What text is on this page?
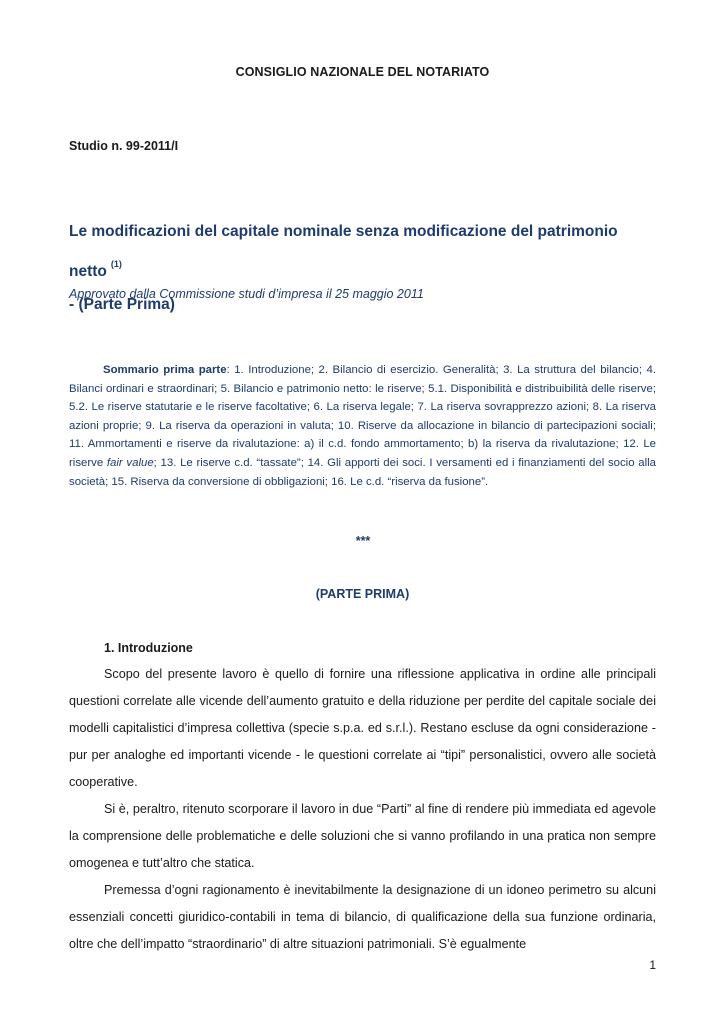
CONSIGLIO NAZIONALE DEL NOTARIATO
Studio n. 99-2011/I
Le modificazioni del capitale nominale senza modificazione del patrimonio netto $^{(1)}$
- (Parte Prima)
Approvato dalla Commissione studi d’impresa il 25 maggio 2011
Sommario prima parte: 1. Introduzione; 2. Bilancio di esercizio. Generalità; 3. La struttura del bilancio; 4. Bilanci ordinari e straordinari; 5. Bilancio e patrimonio netto: le riserve; 5.1. Disponibilità e distribuibilità delle riserve; 5.2. Le riserve statutarie e le riserve facoltative; 6. La riserva legale; 7. La riserva sovrapprezzo azioni; 8. La riserva azioni proprie; 9. La riserva da operazioni in valuta; 10. Riserve da allocazione in bilancio di partecipazioni sociali; 11. Ammortamenti e riserve da rivalutazione: a) il c.d. fondo ammortamento; b) la riserva da rivalutazione; 12. Le riserve fair value; 13. Le riserve c.d. “tassate”; 14. Gli apporti dei soci. I versamenti ed i finanziamenti del socio alla società; 15. Riserva da conversione di obbligazioni; 16. Le c.d. “riserva da fusione”.
***
(PARTE PRIMA)
1. Introduzione

Scopo del presente lavoro è quello di fornire una riflessione applicativa in ordine alle principali questioni correlate alle vicende dell’aumento gratuito e della riduzione per perdite del capitale sociale dei modelli capitalistici d’impresa collettiva (specie s.p.a. ed s.r.l.). Restano escluse da ogni considerazione -pur per analoghe ed importanti vicende - le questioni correlate ai “tipi” personalistici, ovvero alle società cooperative.

Si è, peraltro, ritenuto scorporare il lavoro in due “Parti” al fine di rendere più immediata ed agevole la comprensione delle problematiche e delle soluzioni che si vanno profilando in una pratica non sempre omogenea e tutt’altro che statica.

Premessa d’ogni ragionamento è inevitabilmente la designazione di un idoneo perimetro su alcuni essenziali concetti giuridico-contabili in tema di bilancio, di qualificazione della sua funzione ordinaria, oltre che dell’impatto “straordinario” di altre situazioni patrimoniali. S’è egualmente

1
